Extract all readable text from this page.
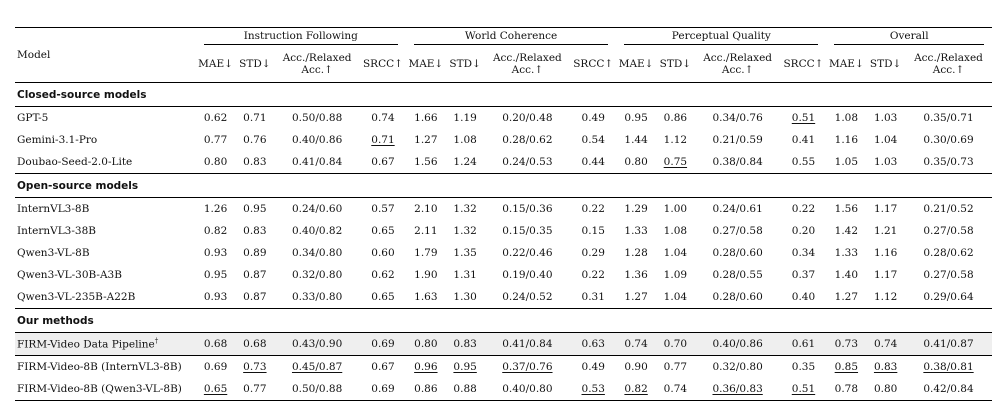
Model	Instruction Following				World Coherence				Perceptual Quality				Overall		

	MAE↓	STD↓	Acc./Relaxed Acc.↑	SRCC↑	MAE↓	STD↓	Acc./Relaxed Acc.↑	SRCC↑	MAE↓	STD↓	Acc./Relaxed Acc.↑	SRCC↑	MAE↓	STD↓	Acc./Relaxed Acc.↑
Closed-source models															
GPT-5	0.62	0.71	0.50/0.88	0.74	1.66	1.19	0.20/0.48	0.49	0.95	0.86	0.34/0.76	0.51	1.08	1.03	0.35/0.71
Gemini-3.1-Pro	0.77	0.76	0.40/0.86	0.71	1.27	1.08	0.28/0.62	0.54	1.44	1.12	0.21/0.59	0.41	1.16	1.04	0.30/0.69
Doubao-Seed-2.0-Lite	0.80	0.83	0.41/0.84	0.67	1.56	1.24	0.24/0.53	0.44	0.80	0.75	0.38/0.84	0.55	1.05	1.03	0.35/0.73
Open-source models															
InternVL3-8B	1.26	0.95	0.24/0.60	0.57	2.10	1.32	0.15/0.36	0.22	1.29	1.00	0.24/0.61	0.22	1.56	1.17	0.21/0.52
InternVL3-38B	0.82	0.83	0.40/0.82	0.65	2.11	1.32	0.15/0.35	0.15	1.33	1.08	0.27/0.58	0.20	1.42	1.21	0.27/0.58
Qwen3-VL-8B	0.93	0.89	0.34/0.80	0.60	1.79	1.35	0.22/0.46	0.29	1.28	1.04	0.28/0.60	0.34	1.33	1.16	0.28/0.62
Qwen3-VL-30B-A3B	0.95	0.87	0.32/0.80	0.62	1.90	1.31	0.19/0.40	0.22	1.36	1.09	0.28/0.55	0.37	1.40	1.17	0.27/0.58
Qwen3-VL-235B-A22B	0.93	0.87	0.33/0.80	0.65	1.63	1.30	0.24/0.52	0.31	1.27	1.04	0.28/0.60	0.40	1.27	1.12	0.29/0.64
Our methods															
FIRM-Video Data Pipeline†	0.68	0.68	0.43/0.90	0.69	0.80	0.83	0.41/0.84	0.63	0.74	0.70	0.40/0.86	0.61	0.73	0.74	0.41/0.87
FIRM-Video-8B (InternVL3-8B)	0.69	0.73	0.45/0.87	0.67	0.96	0.95	0.37/0.76	0.49	0.90	0.77	0.32/0.80	0.35	0.85	0.83	0.38/0.81
FIRM-Video-8B (Qwen3-VL-8B)	0.65	0.77	0.50/0.88	0.69	0.86	0.88	0.40/0.80	0.53	0.82	0.74	0.36/0.83	0.51	0.78	0.80	0.42/0.84
